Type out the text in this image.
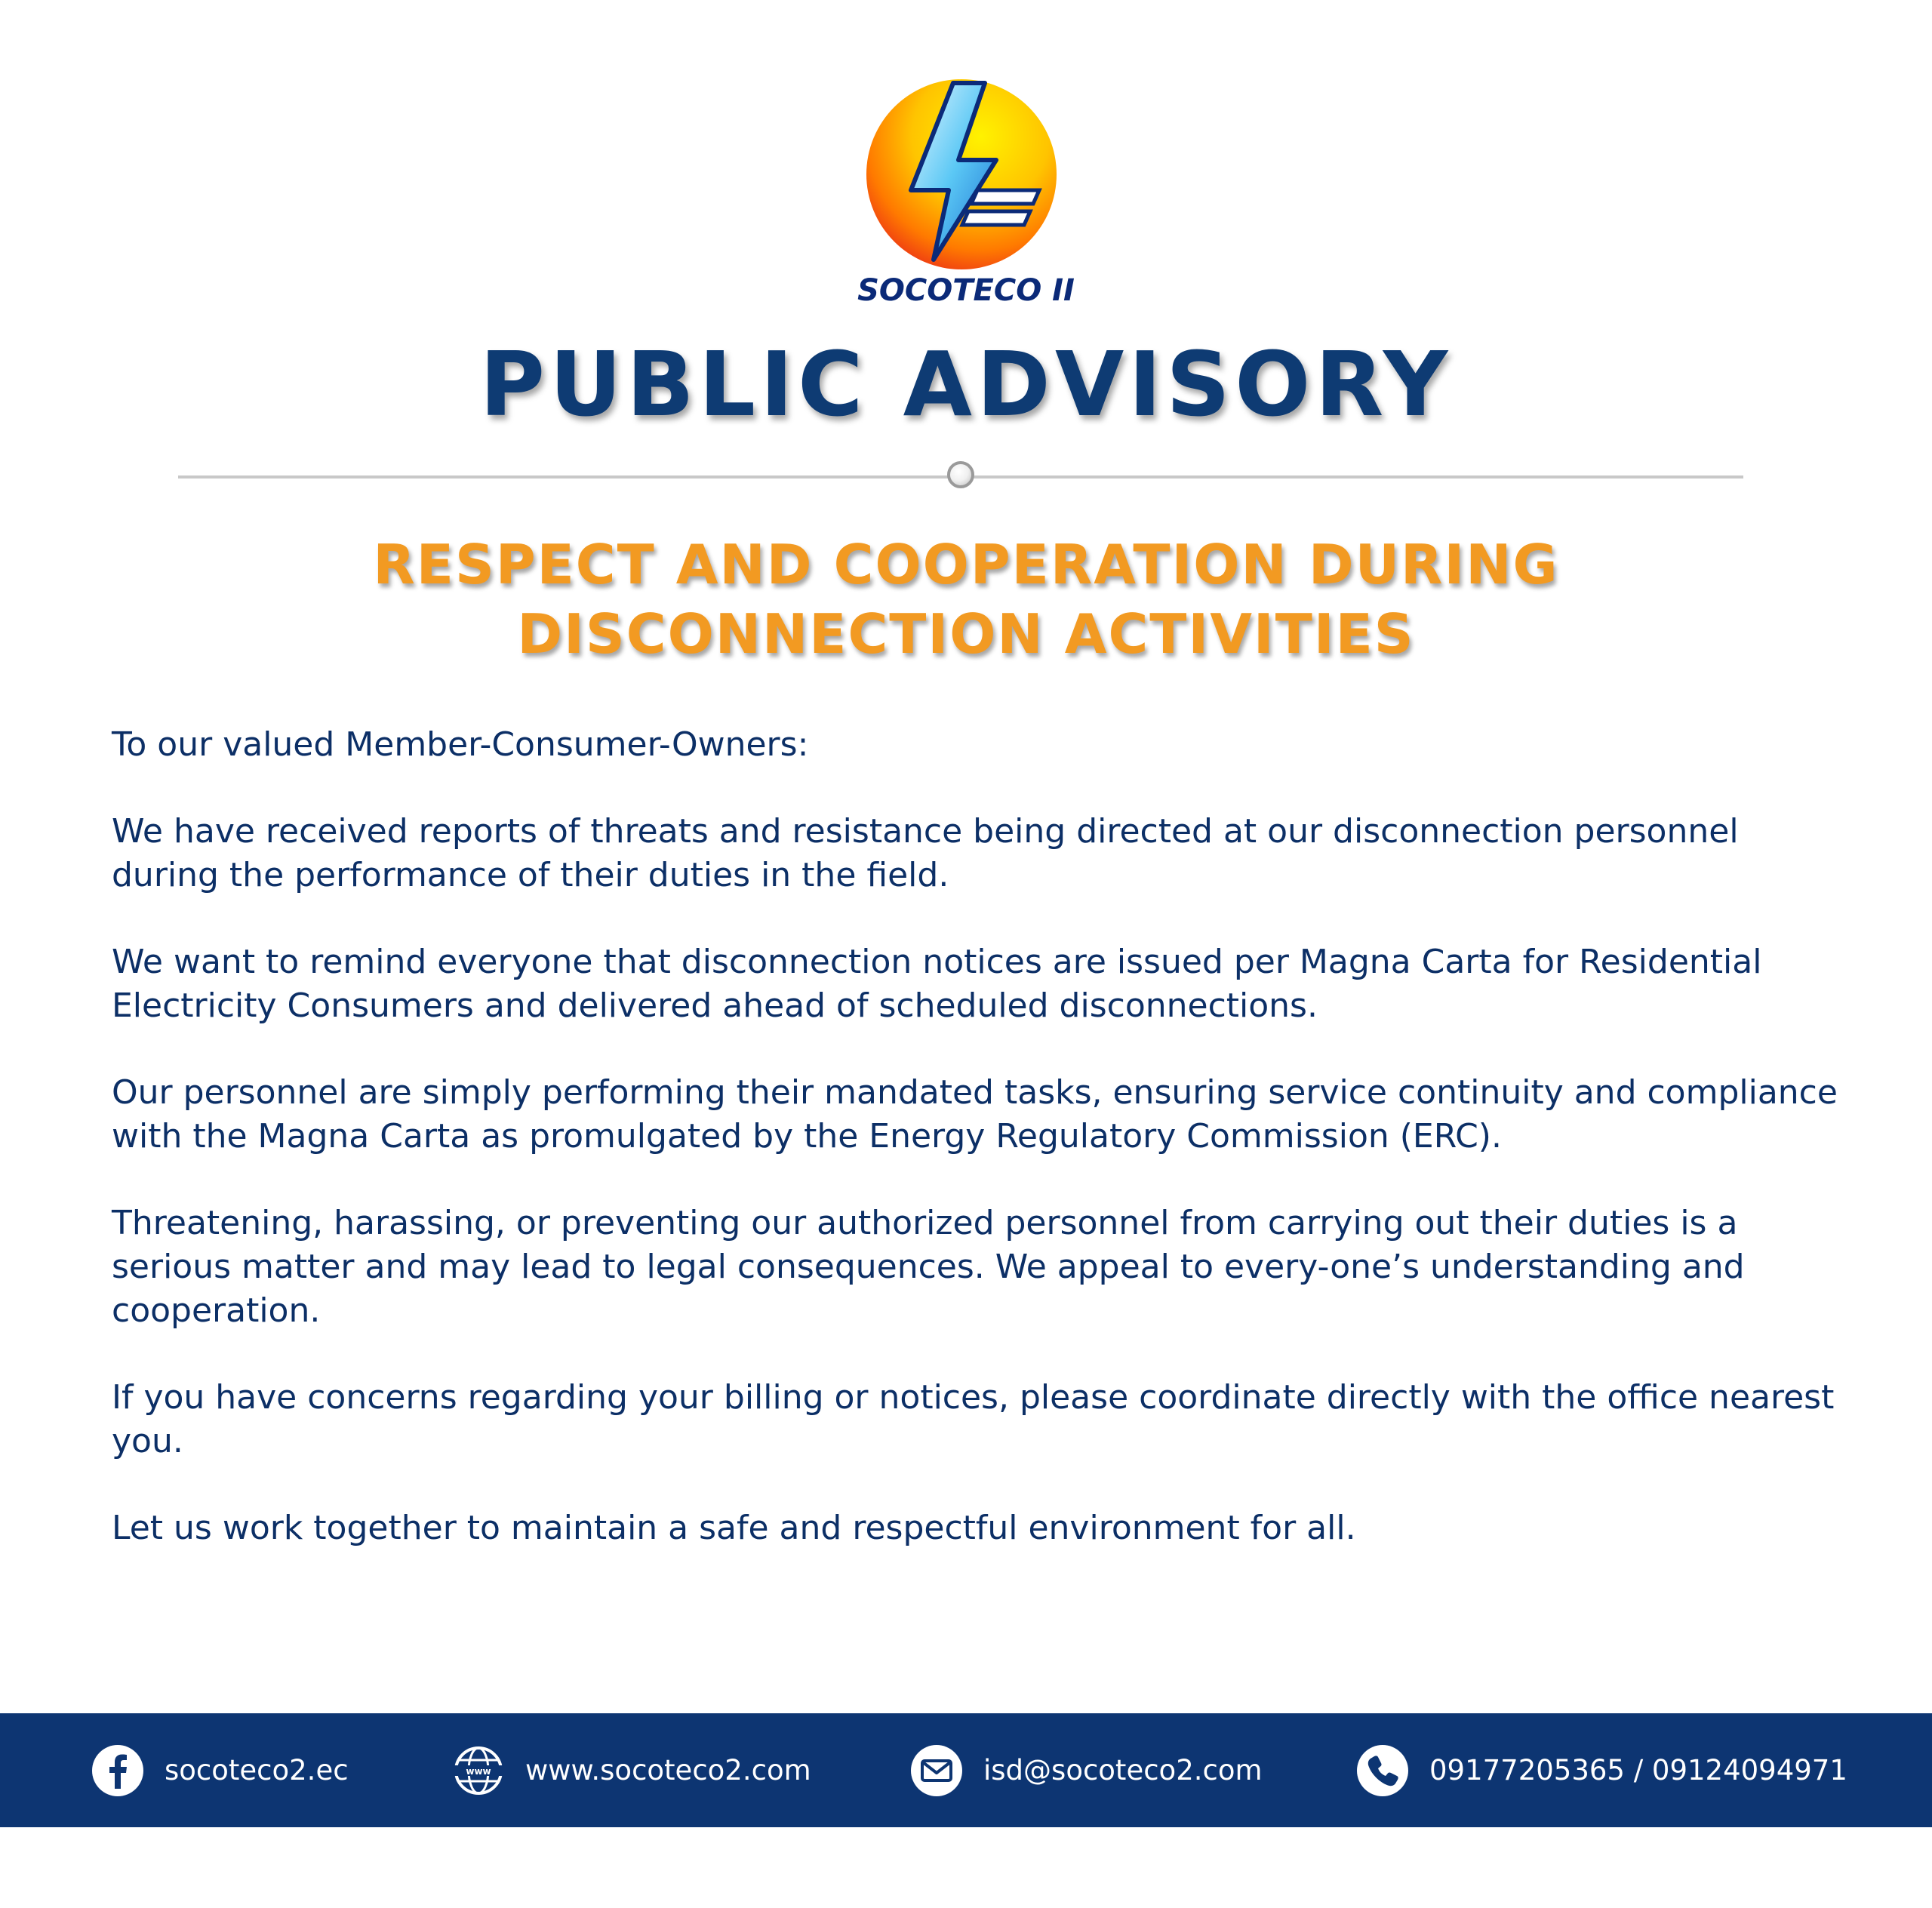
SOCOTECO II
PUBLIC ADVISORY
RESPECT AND COOPERATION DURING
DISCONNECTION ACTIVITIES

To our valued Member-Consumer-Owners:

We have received reports of threats and resistance being directed at our disconnection personnel during the performance of their duties in the field.

We want to remind everyone that disconnection notices are issued per Magna Carta for Residential Electricity Consumers and delivered ahead of scheduled disconnections.

Our personnel are simply performing their mandated tasks, ensuring service continuity and compliance with the Magna Carta as promulgated by the Energy Regulatory Commission (ERC).

Threatening, harassing, or preventing our authorized personnel from carrying out their duties is a serious matter and may lead to legal consequences. We appeal to every-one’s understanding and cooperation.

If you have concerns regarding your billing or notices, please coordinate directly with the office nearest you.

Let us work together to maintain a safe and respectful environment for all.

socoteco2.ec	www www.socoteco2.com	isd@socoteco2.com	09177205365 / 09124094971
